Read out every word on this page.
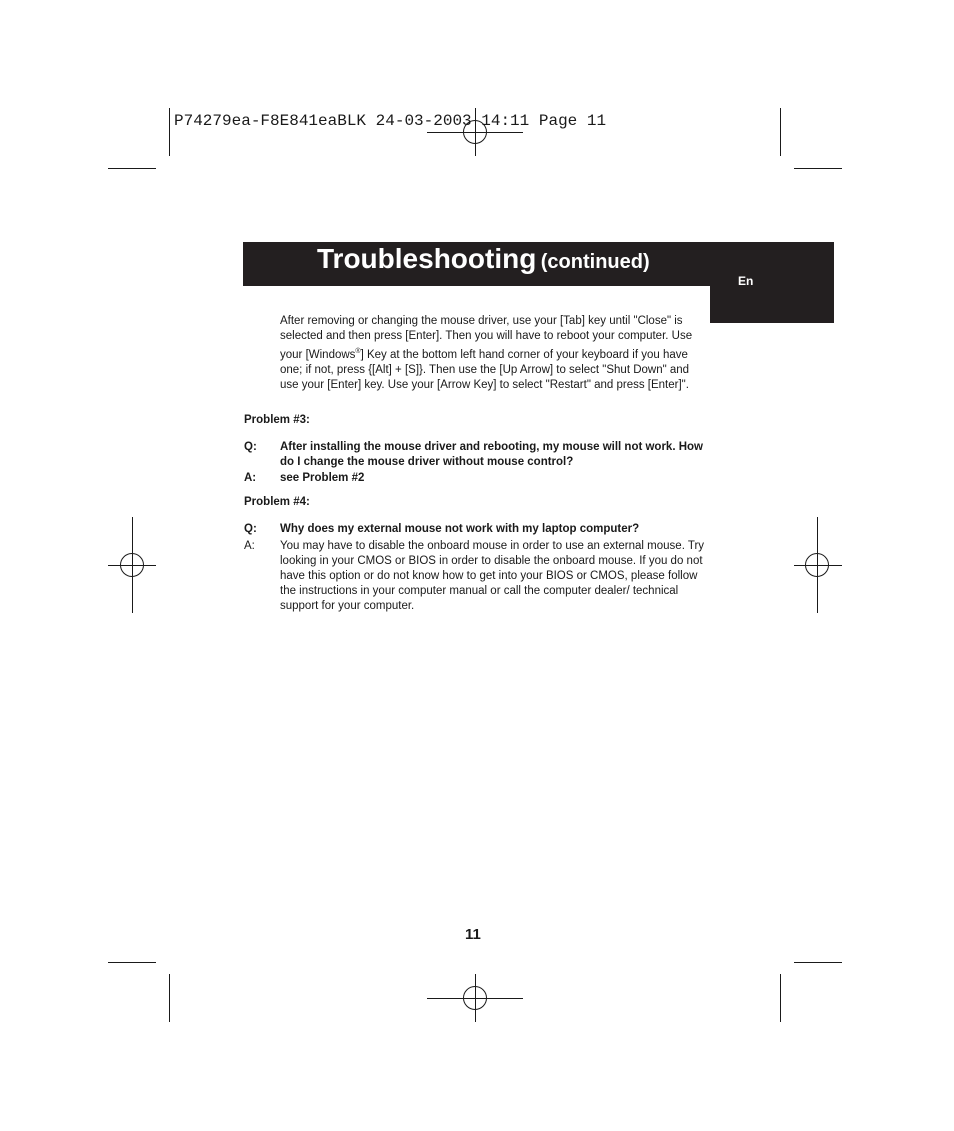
P74279ea-F8E841eaBLK 24-03-2003 14:11 Page 11
Troubleshooting (continued)
En
After removing or changing the mouse driver, use your [Tab] key until "Close" is selected and then press [Enter]. Then you will have to reboot your computer. Use your [Windows®] Key at the bottom left hand corner of your keyboard if you have one; if not, press {[Alt] + [S]}. Then use the [Up Arrow] to select "Shut Down" and use your [Enter] key. Use your [Arrow Key] to select "Restart" and press [Enter]".
Problem #3:
Q: After installing the mouse driver and rebooting, my mouse will not work. How do I change the mouse driver without mouse control?
A: see Problem #2
Problem #4:
Q: Why does my external mouse not work with my laptop computer?
A: You may have to disable the onboard mouse in order to use an external mouse. Try looking in your CMOS or BIOS in order to disable the onboard mouse. If you do not have this option or do not know how to get into your BIOS or CMOS, please follow the instructions in your computer manual or call the computer dealer/ technical support for your computer.
11
